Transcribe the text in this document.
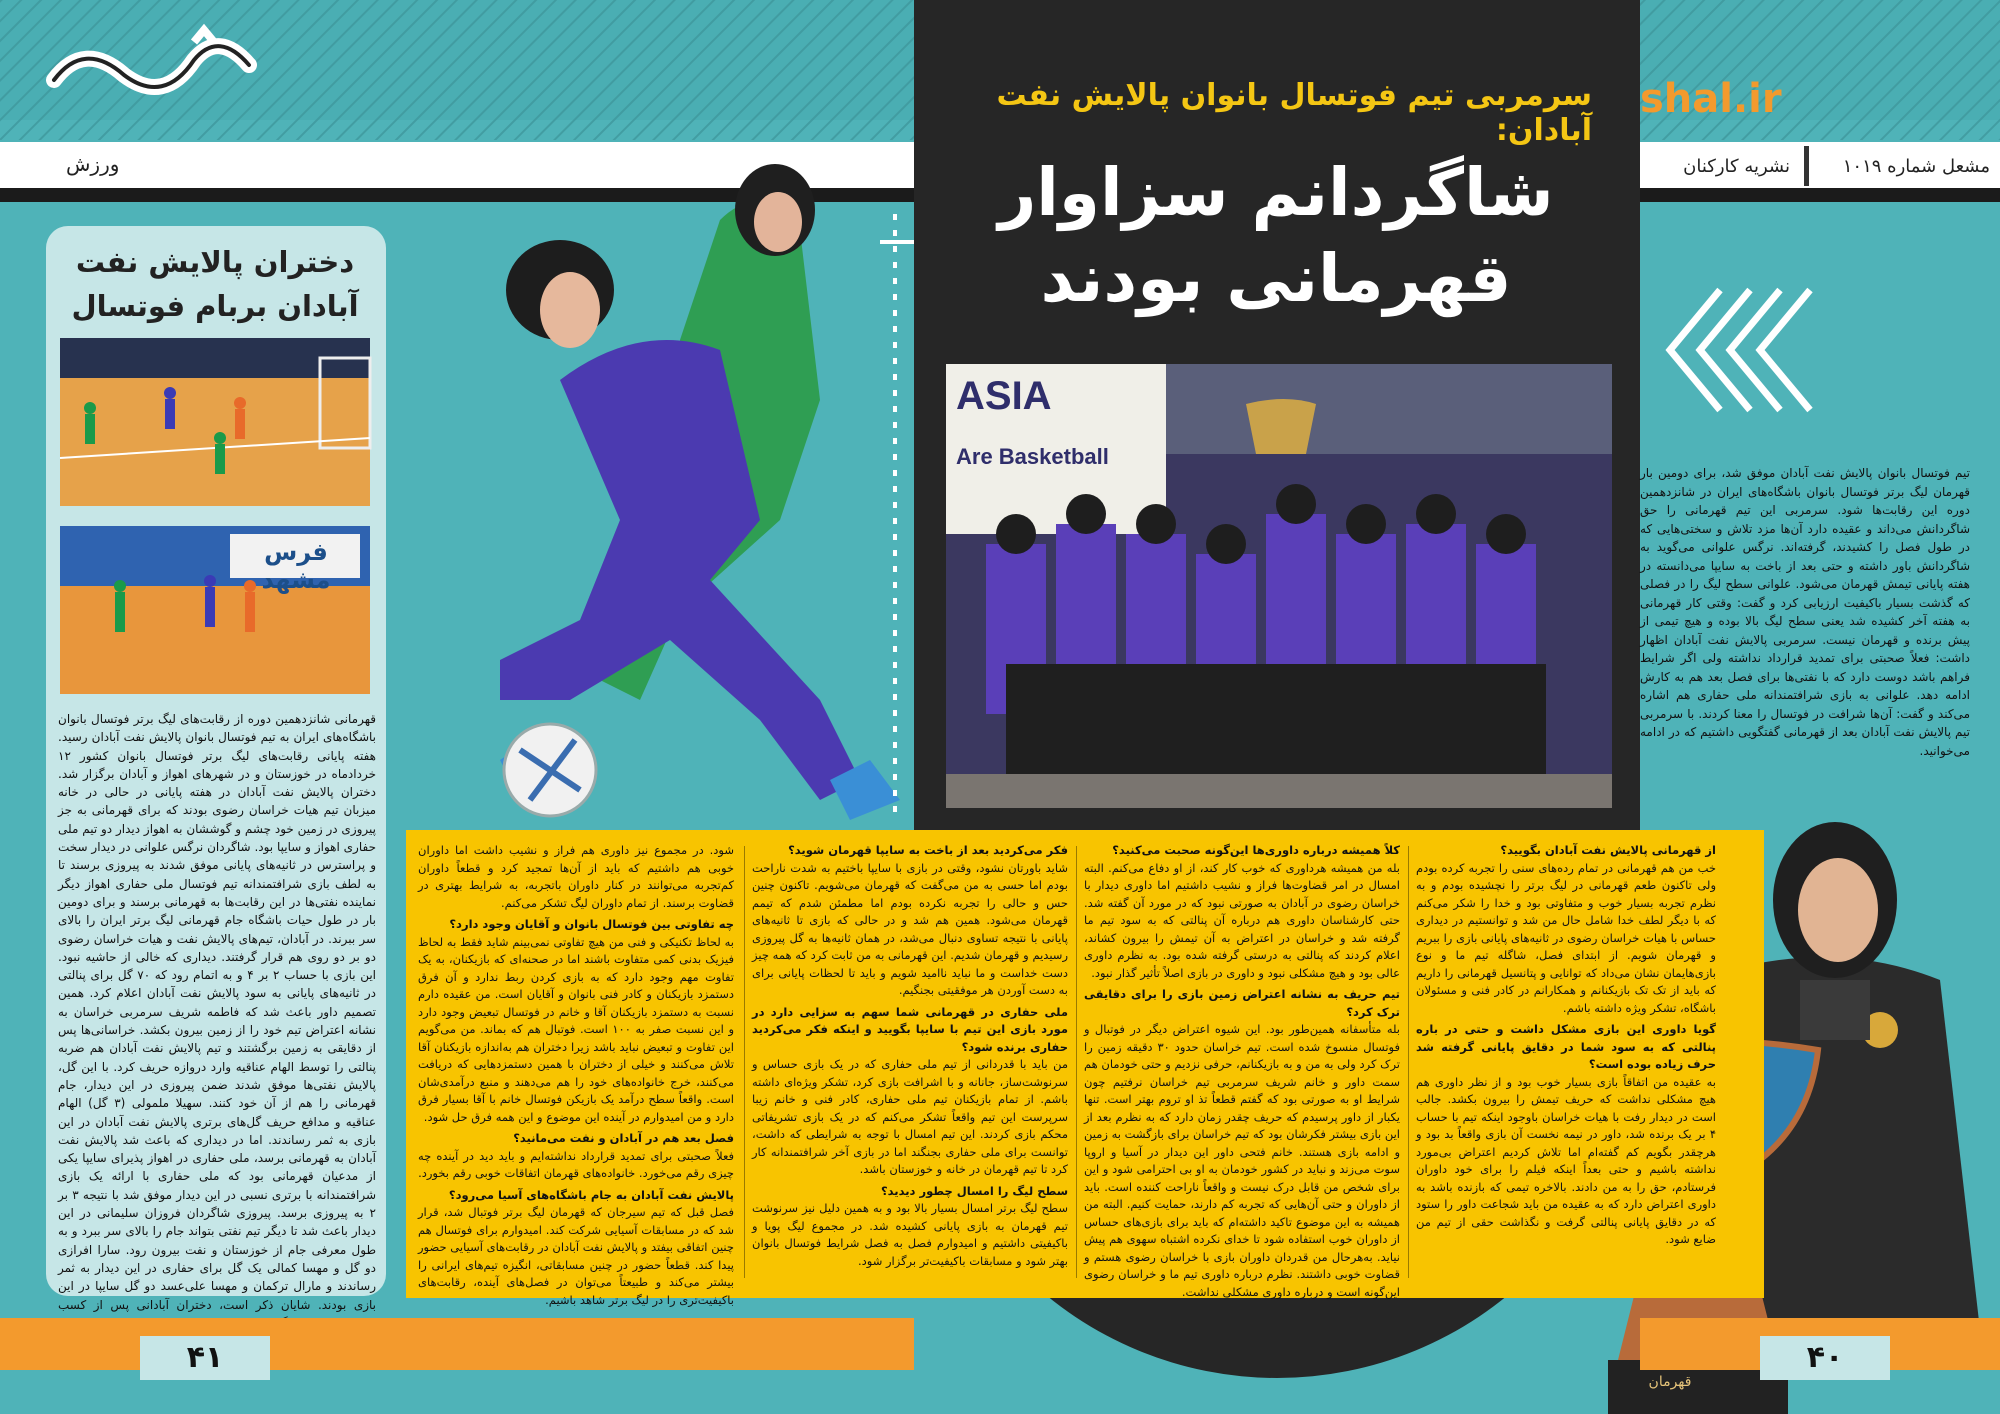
ورزش	مشعل شماره ۱۰۱۹
نشریه کارکنان
shal.ir
دختران پالایش نفت آبادان بربام فوتسال
فرس مشهد
قهرمانی شانزدهمین دوره از رقابت‌های لیگ برتر فوتسال بانوان باشگاه‌های ایران به تیم فوتسال بانوان پالایش نفت آبادان رسید. هفته پایانی رقابت‌های لیگ برتر فوتسال بانوان کشور ۱۲ خردادماه در خوزستان و در شهرهای اهواز و آبادان برگزار شد. دختران پالایش نفت آبادان در هفته پایانی در حالی در خانه میزبان تیم هیات خراسان رضوی بودند که برای قهرمانی به جز پیروزی در زمین خود چشم و گوششان به اهواز دیدار دو تیم ملی حفاری اهواز و سایپا بود. شاگردان نرگس علوانی در دیدار سخت و پراسترس در ثانیه‌های پایانی موفق شدند به پیروزی برسند تا به لطف بازی شرافتمندانه تیم فوتسال ملی حفاری اهواز دیگر نماینده نفتی‌ها در این رقابت‌ها به قهرمانی برسند و برای دومین بار در طول حیات باشگاه جام قهرمانی لیگ برتر ایران را بالای سر ببرند. در آبادان، تیم‌های پالایش نفت و هیات خراسان رضوی دو بر دو روی هم قرار گرفتند. دیداری که خالی از حاشیه نبود. این بازی با حساب ۲ بر ۴ و به اتمام رود که ۷۰ گل برای پنالتی در ثانیه‌های پایانی به سود پالایش نفت آبادان اعلام کرد. همین تصمیم داور باعث شد که فاطمه شریف سرمربی خراسان به نشانه اعتراض تیم خود را از زمین بیرون بکشد. خراسانی‌ها پس از دقایقی به زمین برگشتند و تیم پالایش نفت آبادان هم ضربه پنالتی را توسط الهام عناقیه وارد دروازه حریف کرد. با این گل، پالایش نفتی‌ها موفق شدند ضمن پیروزی در این دیدار، جام قهرمانی را هم از آن خود کنند. سهیلا ملمولی (۳ گل) الهام عناقیه و مدافع حریف گل‌های برتری پالایش نفت آبادان در این بازی به ثمر رساندند. اما در دیداری که باعث شد پالایش نفت آبادان به قهرمانی برسد، ملی حفاری در اهواز پذیرای سایپا یکی از مدعیان قهرمانی بود که ملی حفاری با ارائه یک بازی شرافتمندانه با برتری نسبی در این دیدار موفق شد با نتیجه ۳ بر ۲ به پیروزی برسد. پیروزی شاگردان فروزان سلیمانی در این دیدار باعث شد تا دیگر تیم نفتی بتواند جام را بالای سر ببرد و به طول معرفی جام از خوزستان و نفت بیرون رود. سارا افرازی دو گل و مهسا کمالی یک گل برای حفاری در این دیدار به ثمر رساندند و مارال ترکمان و مهسا علی‌عسد دو گل سایپا در این بازی بودند. شایان ذکر است، دختران آبادانی پس از کسب
سرمربی تیم فوتسال بانوان پالایش نفت آبادان:
شاگردانم سزاوار قهرمانی بودند
ASIA
Are Basketball
تیم فوتسال بانوان پالایش نفت آبادان موفق شد، برای دومین بار قهرمان لیگ برتر فوتسال بانوان باشگاه‌های ایران در شانزدهمین دوره این رقابت‌ها شود. سرمربی این تیم قهرمانی را حق شاگردانش می‌داند و عقیده دارد آن‌ها مزد تلاش و سختی‌هایی که در طول فصل را کشیدند، گرفته‌اند. نرگس علوانی می‌گوید به شاگردانش باور داشته و حتی بعد از باخت به سایپا می‌دانسته در هفته پایانی تیمش قهرمان می‌شود. علوانی سطح لیگ را در فصلی که گذشت بسیار باکیفیت ارزیابی کرد و گفت: وقتی کار قهرمانی به هفته آخر کشیده شد یعنی سطح لیگ بالا بوده و هیچ تیمی از پیش برنده و قهرمان نیست. سرمربی پالایش نفت آبادان اظهار داشت: فعلاً صحبتی برای تمدید قرارداد نداشته ولی اگر شرایط فراهم باشد دوست دارد که با نفتی‌ها برای فصل بعد هم به کارش ادامه دهد. علوانی به بازی شرافتمندانه ملی حفاری هم اشاره می‌کند و گفت: آن‌ها شرافت در فوتسال را معنا کردند. با سرمربی تیم پالایش نفت آبادان بعد از قهرمانی گفتگویی داشتیم که در ادامه می‌خوانید.
قهرمان

شود. در مجموع نیز داوری هم فراز و نشیب داشت اما داوران خوبی هم داشتیم که باید از آن‌ها تمجید کرد و قطعاً داوران کم‌تجربه می‌توانند در کنار داوران باتجربه، به شرایط بهتری در قضاوت برسند. از تمام داوران لیگ تشکر می‌کنم.

چه تفاوتی بین فوتسال بانوان و آقایان وجود دارد؟

به لحاظ تکنیکی و فنی من هیچ تفاوتی نمی‌بینم شاید فقط به لحاظ فیزیک بدنی کمی متفاوت باشند اما در صحنه‌ای که بازیکنان، به یک تفاوت مهم وجود دارد که به بازی کردن ربط ندارد و آن فرق دستمزد بازیکنان و کادر فنی بانوان و آقایان است. من عقیده دارم نسبت به دستمزد بازیکنان آقا و خانم در فوتسال تبعیض وجود دارد و این نسبت صفر به ۱۰۰ است. فوتبال هم که بماند. من می‌گویم این تفاوت و تبعیض نباید باشد زیرا دختران هم به‌اندازه بازیکنان آقا تلاش می‌کنند و خیلی از دختران با همین دستمزد‌هایی که دریافت می‌کنند، خرج خانواده‌های خود را هم می‌دهند و منبع درآمدی‌شان است. واقعاً سطح درآمد یک بازیکن فوتسال خانم با آقا بسیار فرق دارد و من امیدوارم در آینده این موضوع و این همه فرق حل شود.

فصل بعد هم در آبادان و نفت می‌مانید؟

فعلاً صحبتی برای تمدید قرارداد نداشته‌ایم و باید دید در آینده چه چیزی رقم می‌خورد. خانواده‌های قهرمان اتفاقات خوبی رقم بخورد.

پالایش نفت آبادان به جام باشگاه‌های آسیا می‌رود؟

فصل قبل که تیم سیرجان که قهرمان لیگ برتر فوتبال شد، قرار شد که در مسابقات آسیایی شرکت کند. امیدوارم برای فوتسال هم چنین اتفاقی بیفتد و پالایش نفت آبادان در رقابت‌های آسیایی حضور پیدا کند. قطعاً حضور در چنین مسابقاتی، انگیزه تیم‌های ایرانی را بیشتر می‌کند و طبیعتاً می‌توان در فصل‌های آینده، رقابت‌های باکیفیت‌تری را در لیگ برتر شاهد باشیم.

فکر می‌کردید بعد از باخت به سایپا قهرمان شوید؟

شاید باورتان نشود، وقتی در بازی با سایپا باختیم به شدت ناراحت بودم اما حسی به من می‌گفت که قهرمان می‌شویم. تاکنون چنین حس و حالی را تجربه نکرده بودم اما مطمئن شدم که تیمم قهرمان می‌شود. همین هم شد و در حالی که بازی تا ثانیه‌های پایانی با نتیجه تساوی دنبال می‌شد، در همان ثانیه‌ها به گل پیروزی رسیدیم و قهرمان شدیم. این قهرمانی به من ثابت کرد که همه چیز دست خداست و ما نباید ناامید شویم و باید تا لحظات پایانی برای به دست آوردن هر موفقیتی بجنگیم.

ملی حفاری در قهرمانی شما سهم به سزایی دارد در مورد بازی این تیم با سایپا بگویید و اینکه فکر می‌کردید حفاری برنده شود؟

من باید با قدردانی از تیم ملی حفاری که در یک بازی حساس و سرنوشت‌ساز، جانانه و با اشرافت بازی کرد، تشکر ویژه‌ای داشته باشم. از تمام بازیکنان تیم ملی حفاری، کادر فنی و خانم زیبا سرپرست این تیم واقعاً تشکر می‌کنم که در یک بازی تشریفاتی محکم بازی کردند. این تیم امسال با توجه به شرایطی که داشت، توانست برای ملی حفاری بجنگند اما در بازی آخر شرافتمندانه کار کرد تا تیم قهرمان در خانه و خوزستان باشد.

سطح لیگ را امسال چطور دیدید؟

سطح لیگ برتر امسال بسیار بالا بود و به همین دلیل نیز سرنوشت تیم قهرمان به بازی پایانی کشیده شد. در مجموع لیگ پویا و باکیفیتی داشتیم و امیدوارم فصل به فصل شرایط فوتسال بانوان بهتر شود و مسابقات باکیفیت‌تر برگزار شود.

کلاً همیشه درباره داوری‌ها این‌گونه صحبت می‌کنید؟

بله من همیشه هرداوری که خوب کار کند، از او دفاع می‌کنم. البته امسال در امر قضاوت‌ها فراز و نشیب داشتیم اما داوری دیدار با خراسان رضوی در آبادان به صورتی نبود که در مورد آن گفته شد. حتی کارشناسان داوری هم درباره آن پنالتی که به سود تیم ما گرفته شد و خراسان در اعتراض به آن تیمش را بیرون کشاند، اعلام کردند که پنالتی به درستی گرفته شده بود. به نظرم داوری عالی بود و هیچ مشکلی نبود و داوری در بازی اصلاً تأثیر گذار نبود.

تیم حریف به نشانه اعتراض زمین بازی را برای دقایقی ترک کرد؟

بله متأسفانه همین‌طور بود. این شیوه اعتراض دیگر در فوتبال و فوتسال منسوخ شده است. تیم خراسان حدود ۳۰ دقیقه زمین را ترک کرد ولی به من و به بازیکنانم، حرفی نزدیم و حتی خودمان هم سمت داور و خانم شریف سرمربی تیم خراسان نرفتیم چون شرایط او به صورتی بود که گفتم قطعاً تذ او تروم بهتر است. تنها یکبار از داور پرسیدم که حریف چقدر زمان دارد که به نظرم بعد از این بازی بیشتر فکرشان بود که تیم خراسان برای بازگشت به زمین و ادامه بازی هستند. خانم فتحی داور این دیدار در آسیا و اروپا سوت می‌زند و نباید در کشور خودمان به او بی احترامی شود و این برای شخص من قابل درک نیست و واقعاً ناراحت کننده است. باید از داوران و حتی آن‌هایی که تجربه کم دارند، حمایت کنیم. البته من همیشه به این موضوع تاکید داشته‌ام که باید برای بازی‌های حساس از داوران خوب استفاده شود تا خدای نکرده اشتباه سهوی هم پیش نیاید. به‌هرحال من قدردان داوران بازی با خراسان رضوی هستم و قضاوت خوبی داشتند. نظرم درباره داوری تیم ما و خراسان رضوی این‌گونه است و درباره داوری مشکلی نداشت.

از قهرمانی پالایش نفت آبادان بگویید؟

خب من هم قهرمانی در تمام رده‌های سنی را تجربه کرده بودم ولی تاکنون طعم قهرمانی در لیگ برتر را نچشیده بودم و به نظرم تجربه بسیار خوب و متفاوتی بود و خدا را شکر می‌کنم که با دیگر لطف خدا شامل حال من شد و توانستیم در دیداری حساس با هیات خراسان رضوی در ثانیه‌های پایانی بازی را ببریم و قهرمان شویم. از ابتدای فصل، شاگله تیم ما و نوع بازی‌هایمان نشان می‌داد که توانایی و پتانسیل قهرمانی را داریم که باید از تک تک بازیکنانم و همکارانم در کادر فنی و مسئولان باشگاه، تشکر ویژه داشته باشم.

گویا داوری این بازی مشکل داشت و حتی در باره پنالتی که به سود شما در دقایق پایانی گرفته شد حرف زیاده بوده است؟

به عقیده من اتفاقاً بازی بسیار خوب بود و از نظر داوری هم هیچ مشکلی نداشت که حریف تیمش را بیرون بکشد. جالب است در دیدار رفت با هیات خراسان باوجود اینکه تیم با حساب ۴ بر یک برنده شد، داور در نیمه نخست آن بازی واقعاً بد بود و هرچقدر بگویم کم گفته‌ام اما تلاش کردیم اعتراض بی‌مورد نداشته باشیم و حتی بعداً اینکه فیلم را برای خود داوران فرستادم، حق را به من دادند. بالاخره تیمی که بازنده باشد به داوری اعتراض دارد که به عقیده من باید شجاعت داور را ستود که در دقایق پایانی پنالتی گرفت و نگذاشت حقی از تیم من ضایع شود.

۴۱	۴۰
